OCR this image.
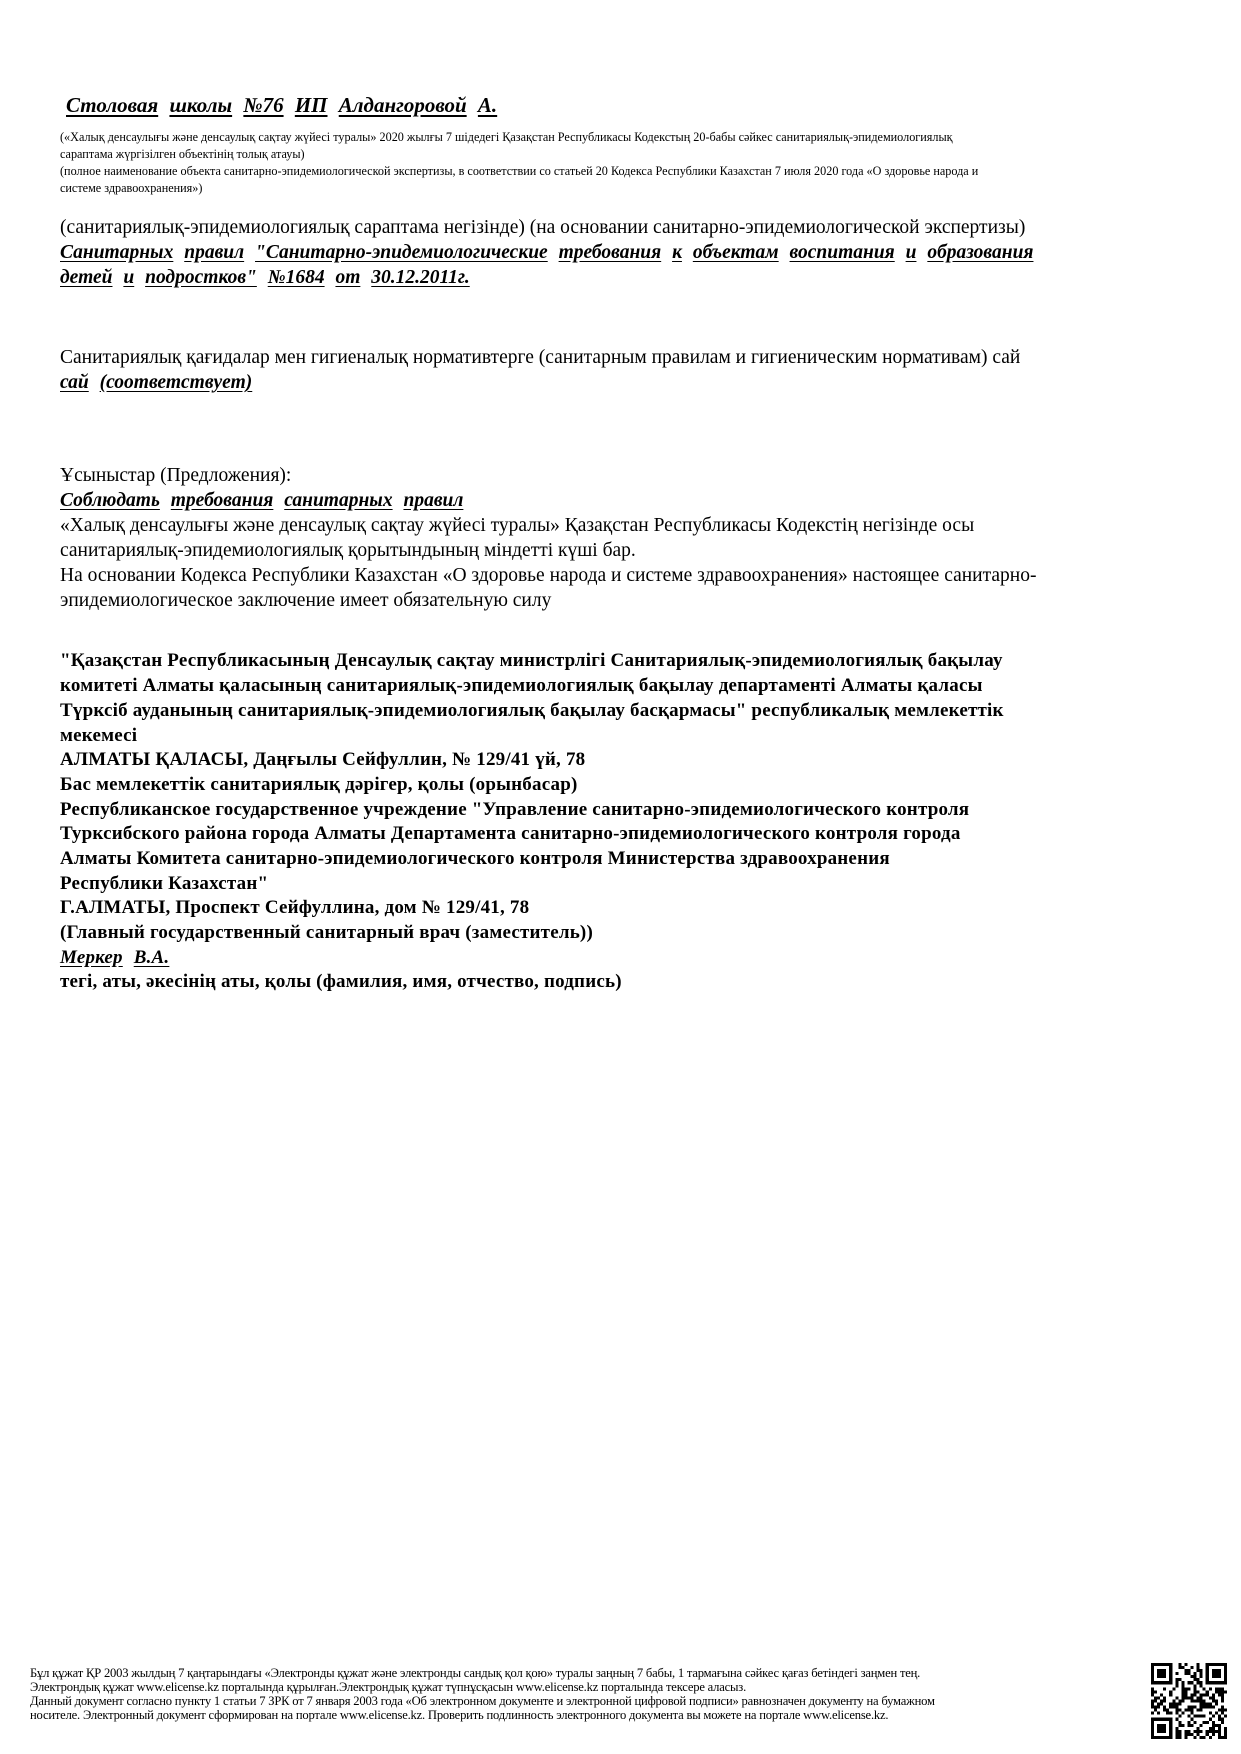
Столовая школы №76 ИП Алдангоровой А.
(«Халық денсаулығы және денсаулық сақтау жүйесі туралы» 2020 жылғы 7 шідедегі Қазақстан Республикасы Кодекстың 20-бабы сәйкес санитариялық-эпидемиологиялық
сараптама жүргізілген объектінің толық атауы)
(полное наименование объекта санитарно-эпидемиологической экспертизы, в соответствии со статьей 20 Кодекса Республики Казахстан 7 июля 2020 года «О здоровье народа и
системе здравоохранения»)
(санитариялық-эпидемиологиялық сараптама негізінде) (на основании санитарно-эпидемиологической экспертизы)
Санитарных правил "Санитарно-эпидемиологические требования к объектам воспитания и образования
детей и подростков" №1684 от 30.12.2011г.
Санитариялық қағидалар мен гигиеналық нормативтерге (санитарным правилам и гигиеническим нормативам) сай
сай (соответствует)
Ұсыныстар (Предложения):
Соблюдать требования санитарных правил
«Халық денсаулығы және денсаулық сақтау жүйесі туралы» Қазақстан Республикасы Кодекстің негізінде осы
санитариялық-эпидемиологиялық қорытындының міндетті күші бар.
На основании Кодекса Республики Казахстан «О здоровье народа и системе здравоохранения» настоящее санитарно-
эпидемиологическое заключение имеет обязательную силу
"Қазақстан Республикасының Денсаулық сақтау министрлігі Санитариялық-эпидемиологиялық бақылау
комитеті Алматы қаласының санитариялық-эпидемиологиялық бақылау департаменті Алматы қаласы
Түрксіб ауданының санитариялық-эпидемиологиялық бақылау басқармасы" республикалық мемлекеттік
мекемесі
АЛМАТЫ ҚАЛАСЫ, Даңғылы Сейфуллин, № 129/41 үй, 78
Бас мемлекеттік санитариялық дәрігер, қолы (орынбасар)
Республиканское государственное учреждение "Управление санитарно-эпидемиологического контроля
Турксибского района города Алматы Департамента санитарно-эпидемиологического контроля города
Алматы Комитета санитарно-эпидемиологического контроля Министерства здравоохранения
Республики Казахстан"
Г.АЛМАТЫ, Проспект Сейфуллина, дом № 129/41, 78
(Главный государственный санитарный врач (заместитель))
Меркер В.А.
тегі, аты, әкесінің аты, қолы (фамилия, имя, отчество, подпись)
Бұл құжат ҚР 2003 жылдың 7 қаңтарындағы «Электронды құжат және электронды сандық қол қою» туралы заңның 7 бабы, 1 тармағына сәйкес қағаз бетіндегі заңмен тең.
Электрондық құжат www.elicense.kz порталында құрылған.Электрондық құжат түпнұсқасын www.elicense.kz порталында тексере аласыз.
Данный документ согласно пункту 1 статьи 7 ЗРК от 7 января 2003 года «Об электронном документе и электронной цифровой подписи» равнозначен документу на бумажном
носителе. Электронный документ сформирован на портале www.elicense.kz. Проверить подлинность электронного документа вы можете на портале www.elicense.kz.
